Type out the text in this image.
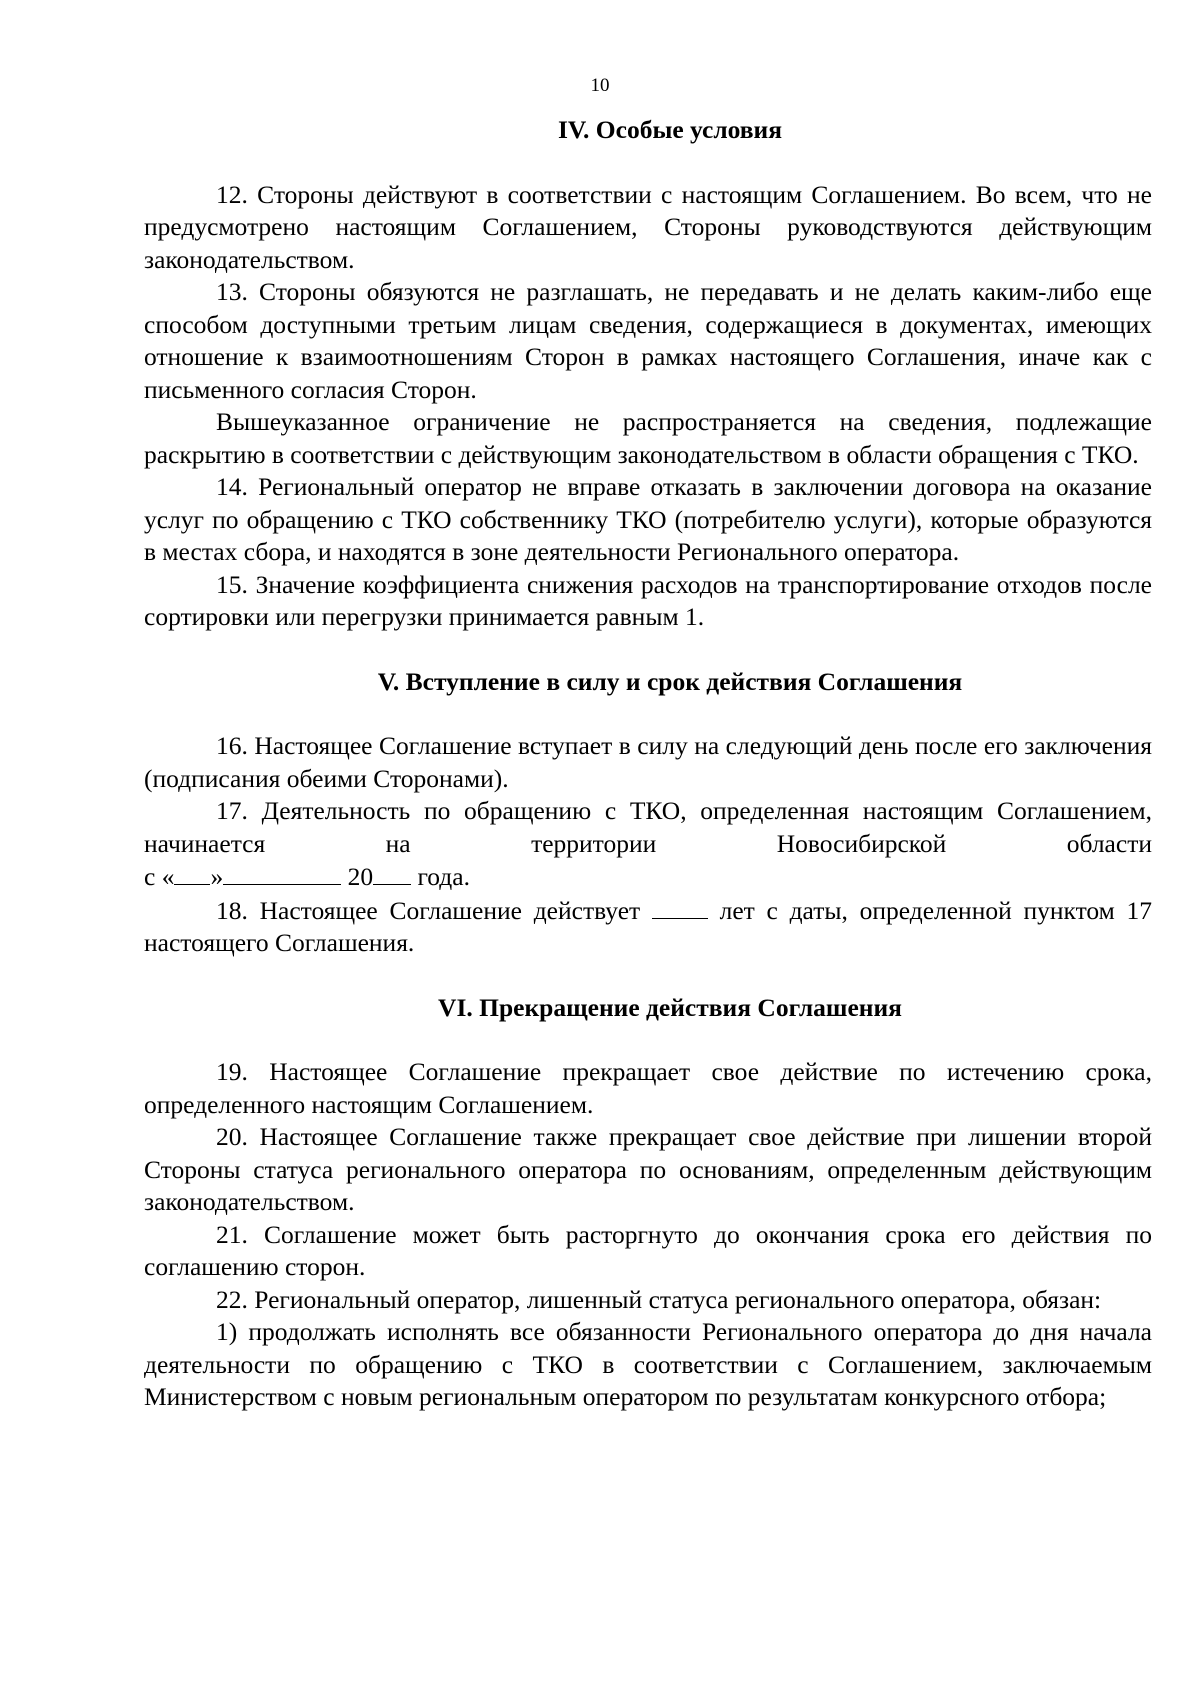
10
IV. Особые условия

12. Стороны действуют в соответствии с настоящим Соглашением. Во всем, что не предусмотрено настоящим Соглашением, Стороны руководствуются действующим законодательством.

13. Стороны обязуются не разглашать, не передавать и не делать каким-либо еще способом доступными третьим лицам сведения, содержащиеся в документах, имеющих отношение к взаимоотношениям Сторон в рамках настоящего Соглашения, иначе как с письменного согласия Сторон.

Вышеуказанное ограничение не распространяется на сведения, подлежащие раскрытию в соответствии с действующим законодательством в области обращения с ТКО.

14. Региональный оператор не вправе отказать в заключении договора на оказание услуг по обращению с ТКО собственнику ТКО (потребителю услуги), которые образуются в местах сбора, и находятся в зоне деятельности Регионального оператора.

15. Значение коэффициента снижения расходов на транспортирование отходов после сортировки или перегрузки принимается равным 1.

V. Вступление в силу и срок действия Соглашения

16. Настоящее Соглашение вступает в силу на следующий день после его заключения (подписания обеими Сторонами).

17. Деятельность по обращению с ТКО, определенная настоящим Соглашением, начинается на территории Новосибирской области

с « »	20 года.

18. Настоящее Соглашение действует	лет с даты, определенной пунктом 17 настоящего Соглашения.

VI. Прекращение действия Соглашения

19. Настоящее Соглашение прекращает свое действие по истечению срока, определенного настоящим Соглашением.

20. Настоящее Соглашение также прекращает свое действие при лишении второй Стороны статуса регионального оператора по основаниям, определенным действующим законодательством.

21. Соглашение может быть расторгнуто до окончания срока его действия по соглашению сторон.

22. Региональный оператор, лишенный статуса регионального оператора, обязан:

1) продолжать исполнять все обязанности Регионального оператора до дня начала деятельности по обращению с ТКО в соответствии с Соглашением, заключаемым Министерством с новым региональным оператором по результатам конкурсного отбора;
